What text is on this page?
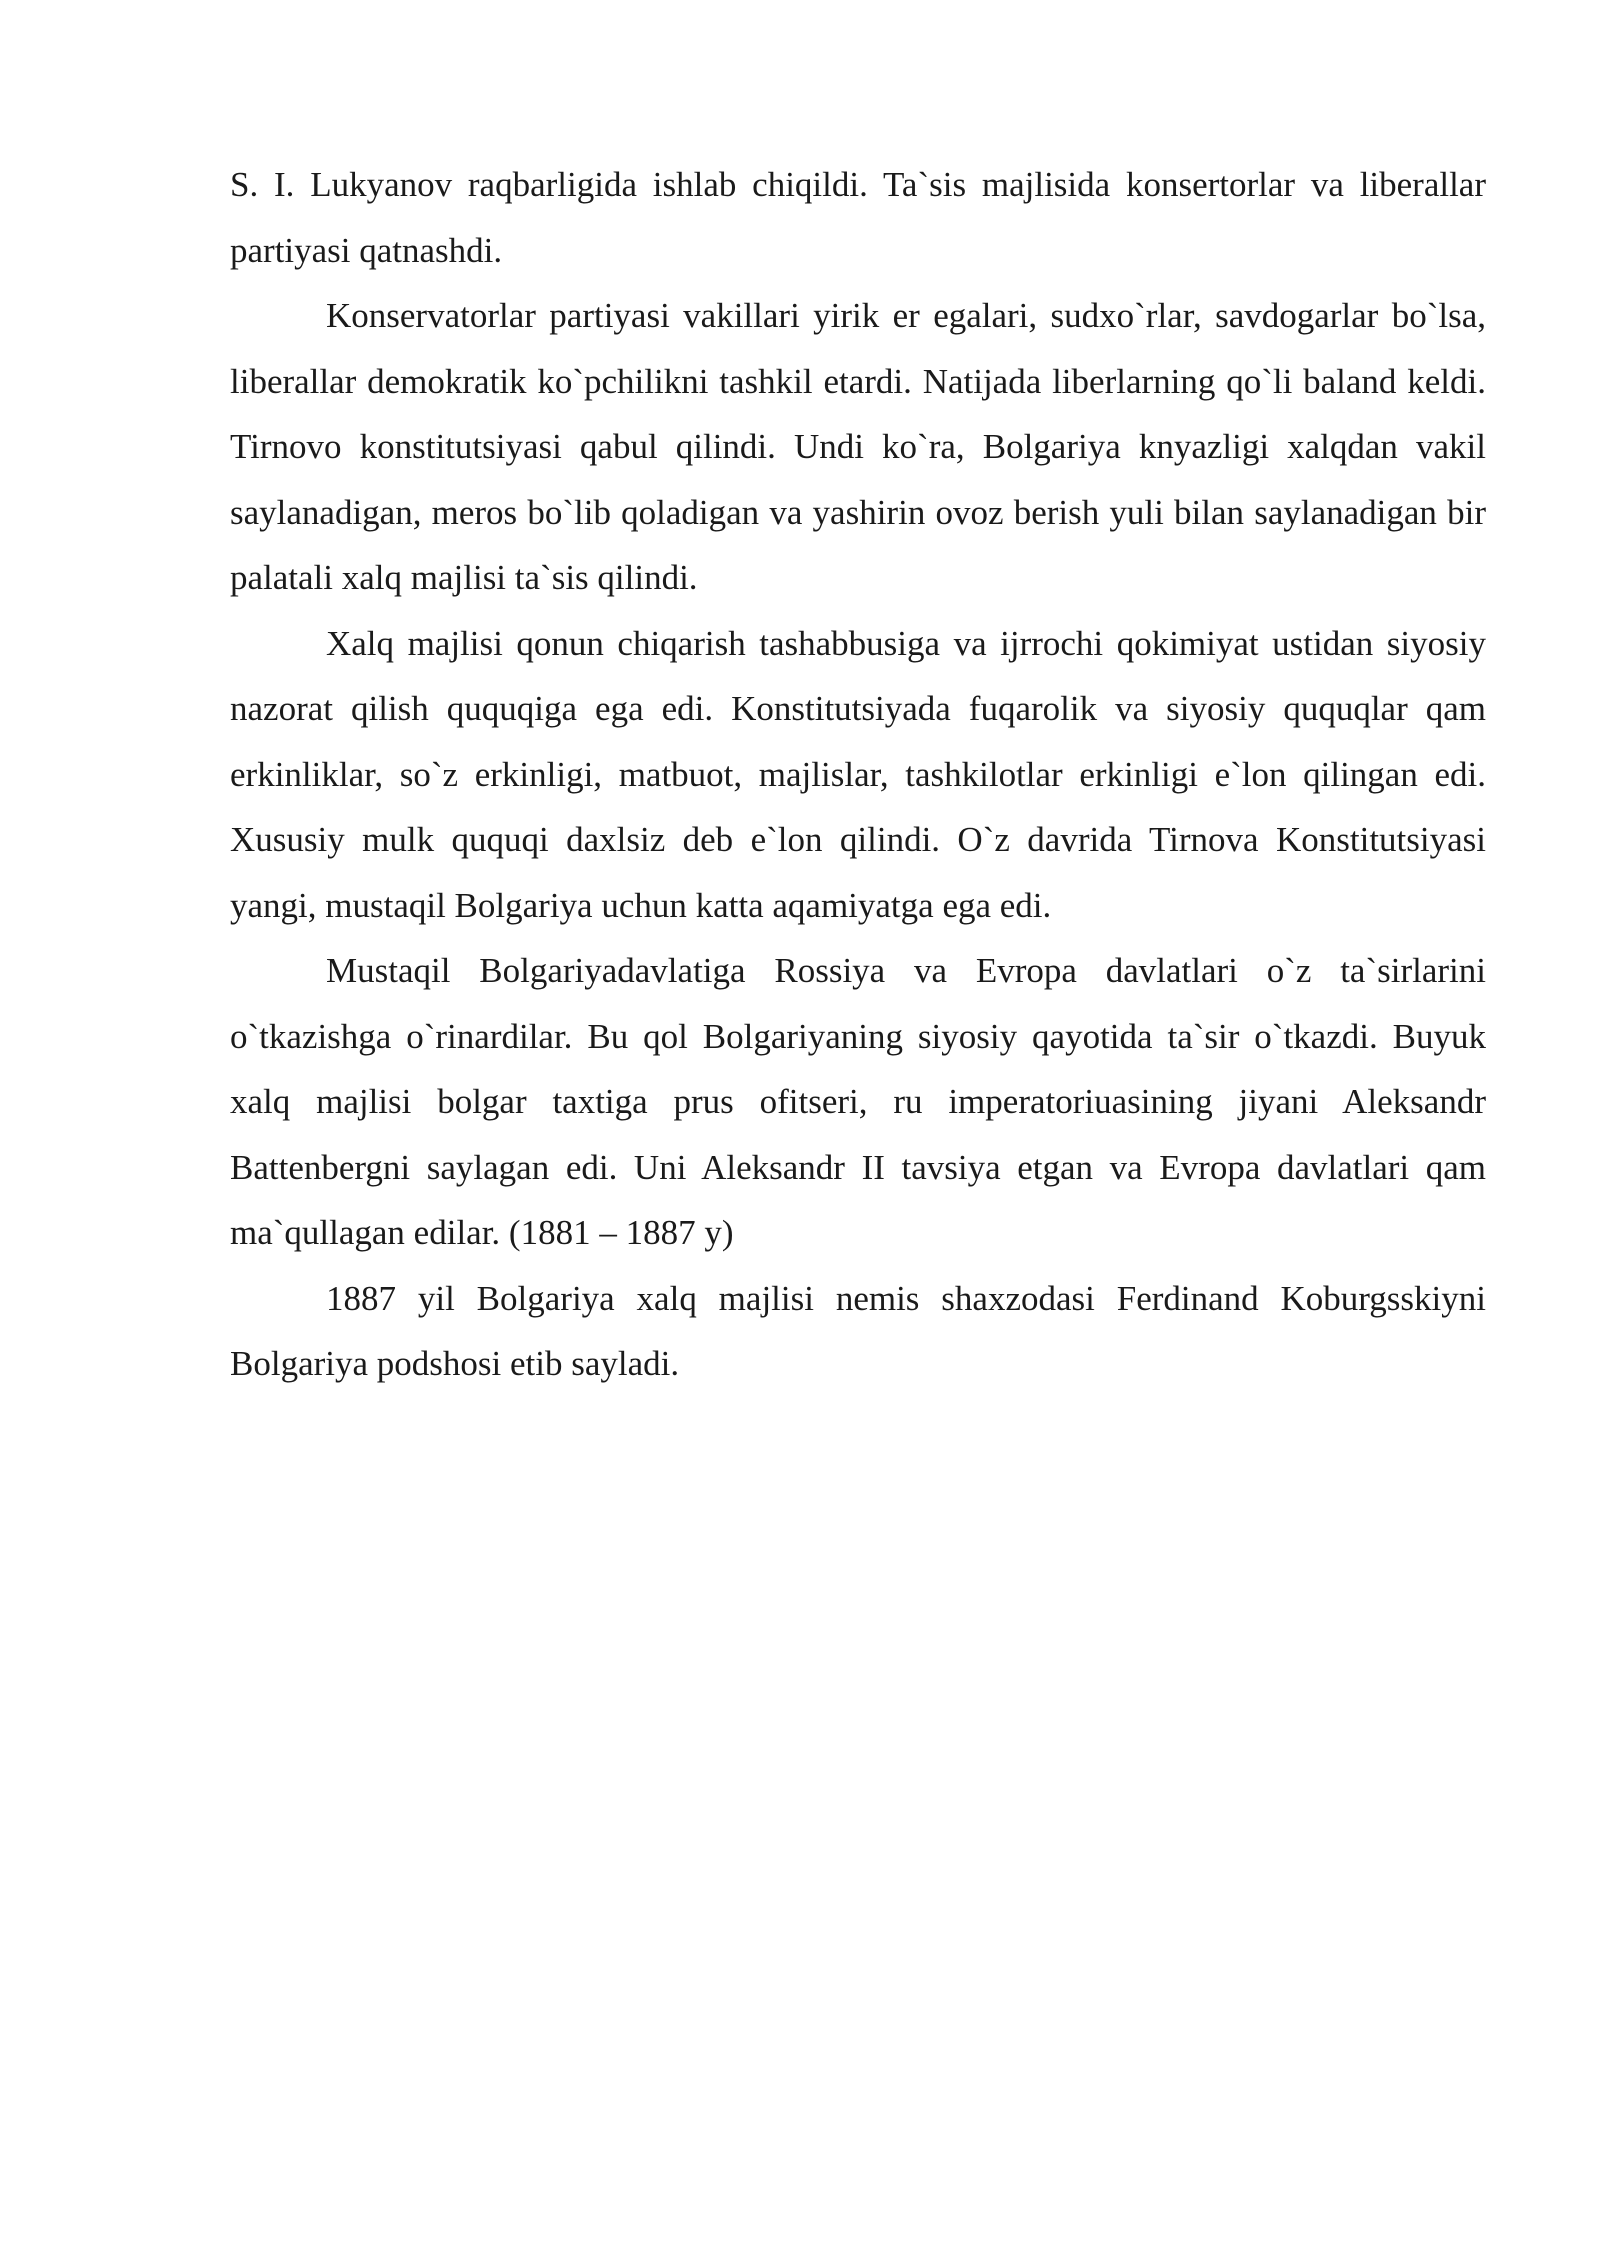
S. I. Lukyanov raqbarligida ishlab chiqildi. Ta`sis majlisida konsertorlar va liberallar partiyasi qatnashdi.

Konservatorlar partiyasi vakillari yirik er egalari, sudxo`rlar, savdogarlar bo`lsa, liberallar demokratik ko`pchilikni tashkil etardi. Natijada liberlarning qo`li baland keldi. Tirnovo konstitutsiyasi qabul qilindi. Undi ko`ra, Bolgariya knyazligi xalqdan vakil saylanadigan, meros bo`lib qoladigan va yashirin ovoz berish yuli bilan saylanadigan bir palatali xalq majlisi ta`sis qilindi.

Xalq majlisi qonun chiqarish tashabbusiga va ijrrochi qokimiyat ustidan siyosiy nazorat qilish ququqiga ega edi. Konstitutsiyada fuqarolik va siyosiy ququqlar qam erkinliklar, so`z erkinligi, matbuot, majlislar, tashkilotlar erkinligi e`lon qilingan edi. Xususiy mulk ququqi daxlsiz deb e`lon qilindi. O`z davrida Tirnova Konstitutsiyasi yangi, mustaqil Bolgariya uchun katta aqamiyatga ega edi.

Mustaqil Bolgariyadavlatiga Rossiya va Evropa davlatlari o`z ta`sirlarini o`tkazishga o`rinardilar. Bu qol Bolgariyaning siyosiy qayotida ta`sir o`tkazdi. Buyuk xalq majlisi bolgar taxtiga prus ofitseri, ru imperatoriuasining jiyani Aleksandr Battenbergni saylagan edi. Uni Aleksandr II tavsiya etgan va Evropa davlatlari qam ma`qullagan edilar. (1881 – 1887 y)

1887 yil Bolgariya xalq majlisi nemis shaxzodasi Ferdinand Koburgsskiyni Bolgariya podshosi etib sayladi.
